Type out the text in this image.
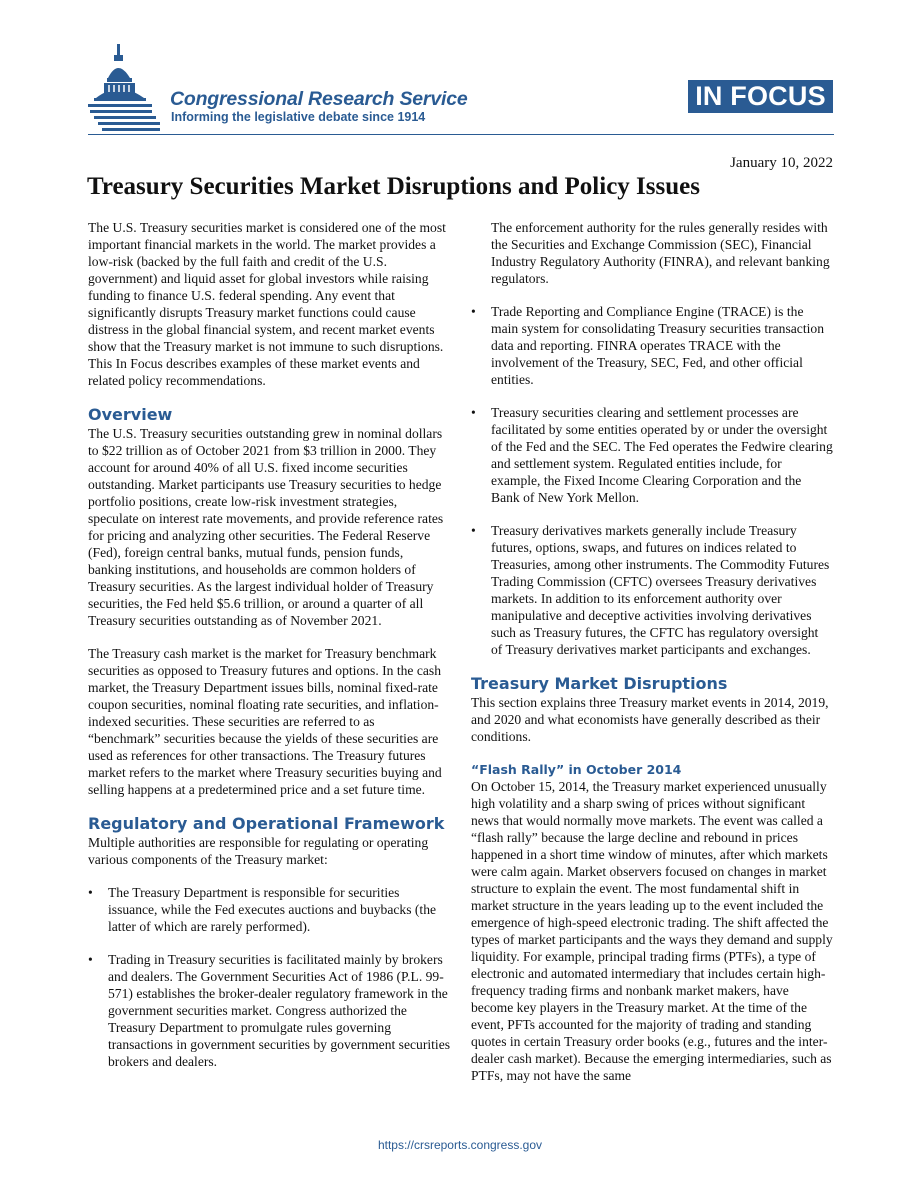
Congressional Research Service
Informing the legislative debate since 1914
IN FOCUS
January 10, 2022
Treasury Securities Market Disruptions and Policy Issues

The U.S. Treasury securities market is considered one of the most important financial markets in the world. The market provides a low-risk (backed by the full faith and credit of the U.S. government) and liquid asset for global investors while raising funding to finance U.S. federal spending. Any event that significantly disrupts Treasury market functions could cause distress in the global financial system, and recent market events show that the Treasury market is not immune to such disruptions. This In Focus describes examples of these market events and related policy recommendations.

Overview

The U.S. Treasury securities outstanding grew in nominal dollars to $22 trillion as of October 2021 from $3 trillion in 2000. They account for around 40% of all U.S. fixed income securities outstanding. Market participants use Treasury securities to hedge portfolio positions, create low-risk investment strategies, speculate on interest rate movements, and provide reference rates for pricing and analyzing other securities. The Federal Reserve (Fed), foreign central banks, mutual funds, pension funds, banking institutions, and households are common holders of Treasury securities. As the largest individual holder of Treasury securities, the Fed held $5.6 trillion, or around a quarter of all Treasury securities outstanding as of November 2021.

The Treasury cash market is the market for Treasury benchmark securities as opposed to Treasury futures and options. In the cash market, the Treasury Department issues bills, nominal fixed-rate coupon securities, nominal floating rate securities, and inflation-indexed securities. These securities are referred to as “benchmark” securities because the yields of these securities are used as references for other transactions. The Treasury futures market refers to the market where Treasury securities buying and selling happens at a predetermined price and a set future time.

Regulatory and Operational Framework

Multiple authorities are responsible for regulating or operating various components of the Treasury market:

• The Treasury Department is responsible for securities issuance, while the Fed executes auctions and buybacks (the latter of which are rarely performed).
• Trading in Treasury securities is facilitated mainly by brokers and dealers. The Government Securities Act of 1986 (P.L. 99-571) establishes the broker-dealer regulatory framework in the government securities market. Congress authorized the Treasury Department to promulgate rules governing transactions in government securities by government securities brokers and dealers.
The enforcement authority for the rules generally resides with the Securities and Exchange Commission (SEC), Financial Industry Regulatory Authority (FINRA), and relevant banking regulators.
• Trade Reporting and Compliance Engine (TRACE) is the main system for consolidating Treasury securities transaction data and reporting. FINRA operates TRACE with the involvement of the Treasury, SEC, Fed, and other official entities.
• Treasury securities clearing and settlement processes are facilitated by some entities operated by or under the oversight of the Fed and the SEC. The Fed operates the Fedwire clearing and settlement system. Regulated entities include, for example, the Fixed Income Clearing Corporation and the Bank of New York Mellon.
• Treasury derivatives markets generally include Treasury futures, options, swaps, and futures on indices related to Treasuries, among other instruments. The Commodity Futures Trading Commission (CFTC) oversees Treasury derivatives markets. In addition to its enforcement authority over manipulative and deceptive activities involving derivatives such as Treasury futures, the CFTC has regulatory oversight of Treasury derivatives market participants and exchanges.
Treasury Market Disruptions

This section explains three Treasury market events in 2014, 2019, and 2020 and what economists have generally described as their conditions.

“Flash Rally” in October 2014

On October 15, 2014, the Treasury market experienced unusually high volatility and a sharp swing of prices without significant news that would normally move markets. The event was called a “flash rally” because the large decline and rebound in prices happened in a short time window of minutes, after which markets were calm again. Market observers focused on changes in market structure to explain the event. The most fundamental shift in market structure in the years leading up to the event included the emergence of high-speed electronic trading. The shift affected the types of market participants and the ways they demand and supply liquidity. For example, principal trading firms (PTFs), a type of electronic and automated intermediary that includes certain high-frequency trading firms and nonbank market makers, have become key players in the Treasury market. At the time of the event, PFTs accounted for the majority of trading and standing quotes in certain Treasury order books (e.g., futures and the inter-dealer cash market). Because the emerging intermediaries, such as PTFs, may not have the same

https://crsreports.congress.gov
